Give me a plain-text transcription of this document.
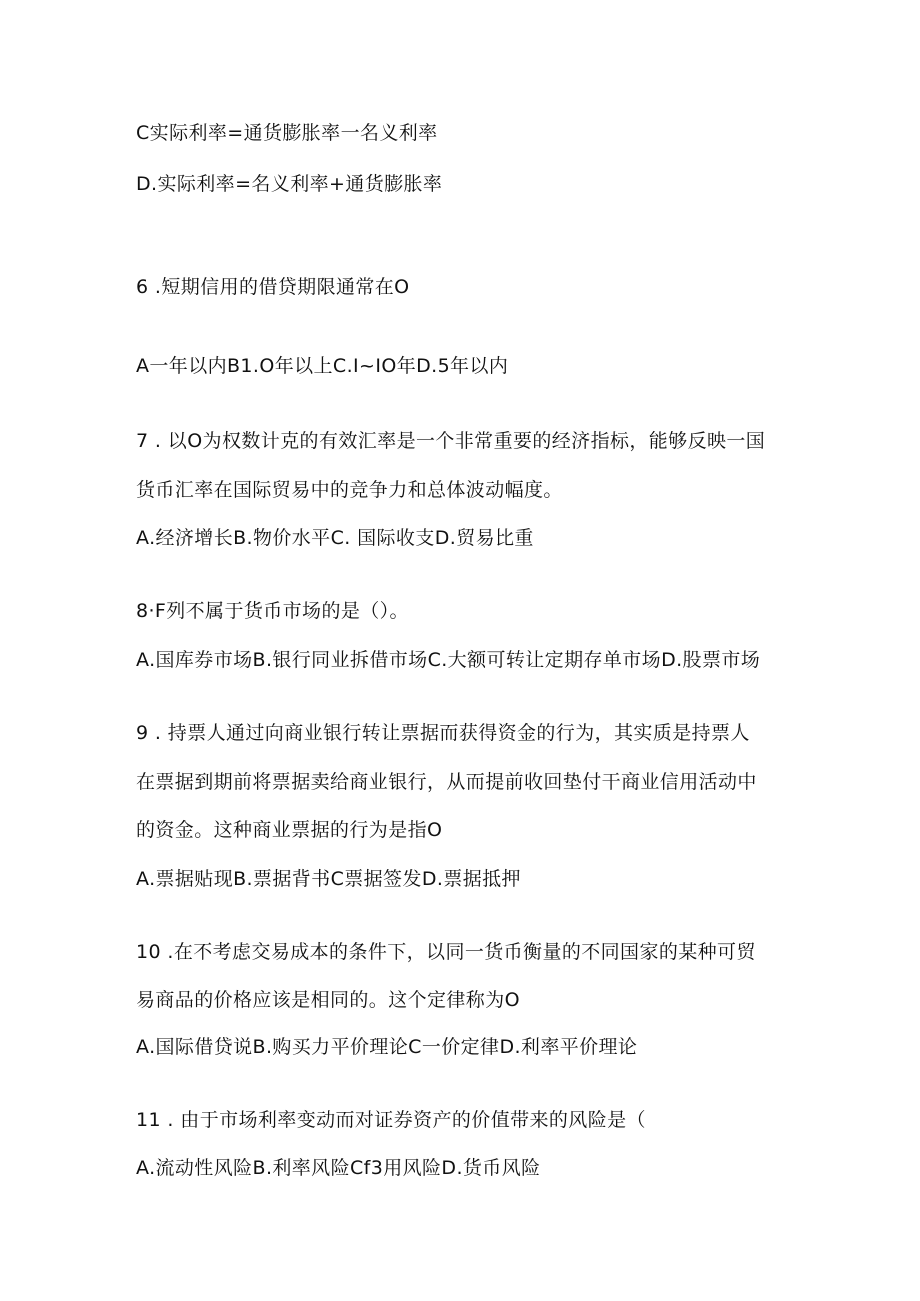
C实际利率=通货膨胀率一名义利率

D.实际利率=名义利率+通货膨胀率

6 .短期信用的借贷期限通常在O

A一年以内B1.O年以上C.I~IO年D.5年以内

7 . 以O为权数计克的有效汇率是一个非常重要的经济指标，能够反映一国

货币汇率在国际贸易中的竞争力和总体波动幅度。

A.经济增长B.物价水平C. 国际收支D.贸易比重

8·F列不属于货币市场的是（）。

A.国库券市场B.银行同业拆借市场C.大额可转让定期存单市场D.股票市场

9 . 持票人通过向商业银行转让票据而获得资金的行为，其实质是持票人

在票据到期前将票据卖给商业银行，从而提前收回垫付干商业信用活动中

的资金。这种商业票据的行为是指O

A.票据贴现B.票据背书C票据签发D.票据抵押

10 .在不考虑交易成本的条件下，以同一货币衡量的不同国家的某种可贸

易商品的价格应该是相同的。这个定律称为O

A.国际借贷说B.购买力平价理论C一价定律D.利率平价理论

11 . 由于市场利率变动而对证券资产的价值带来的风险是（

A.流动性风险B.利率风险Cf3用风险D.货币风险
